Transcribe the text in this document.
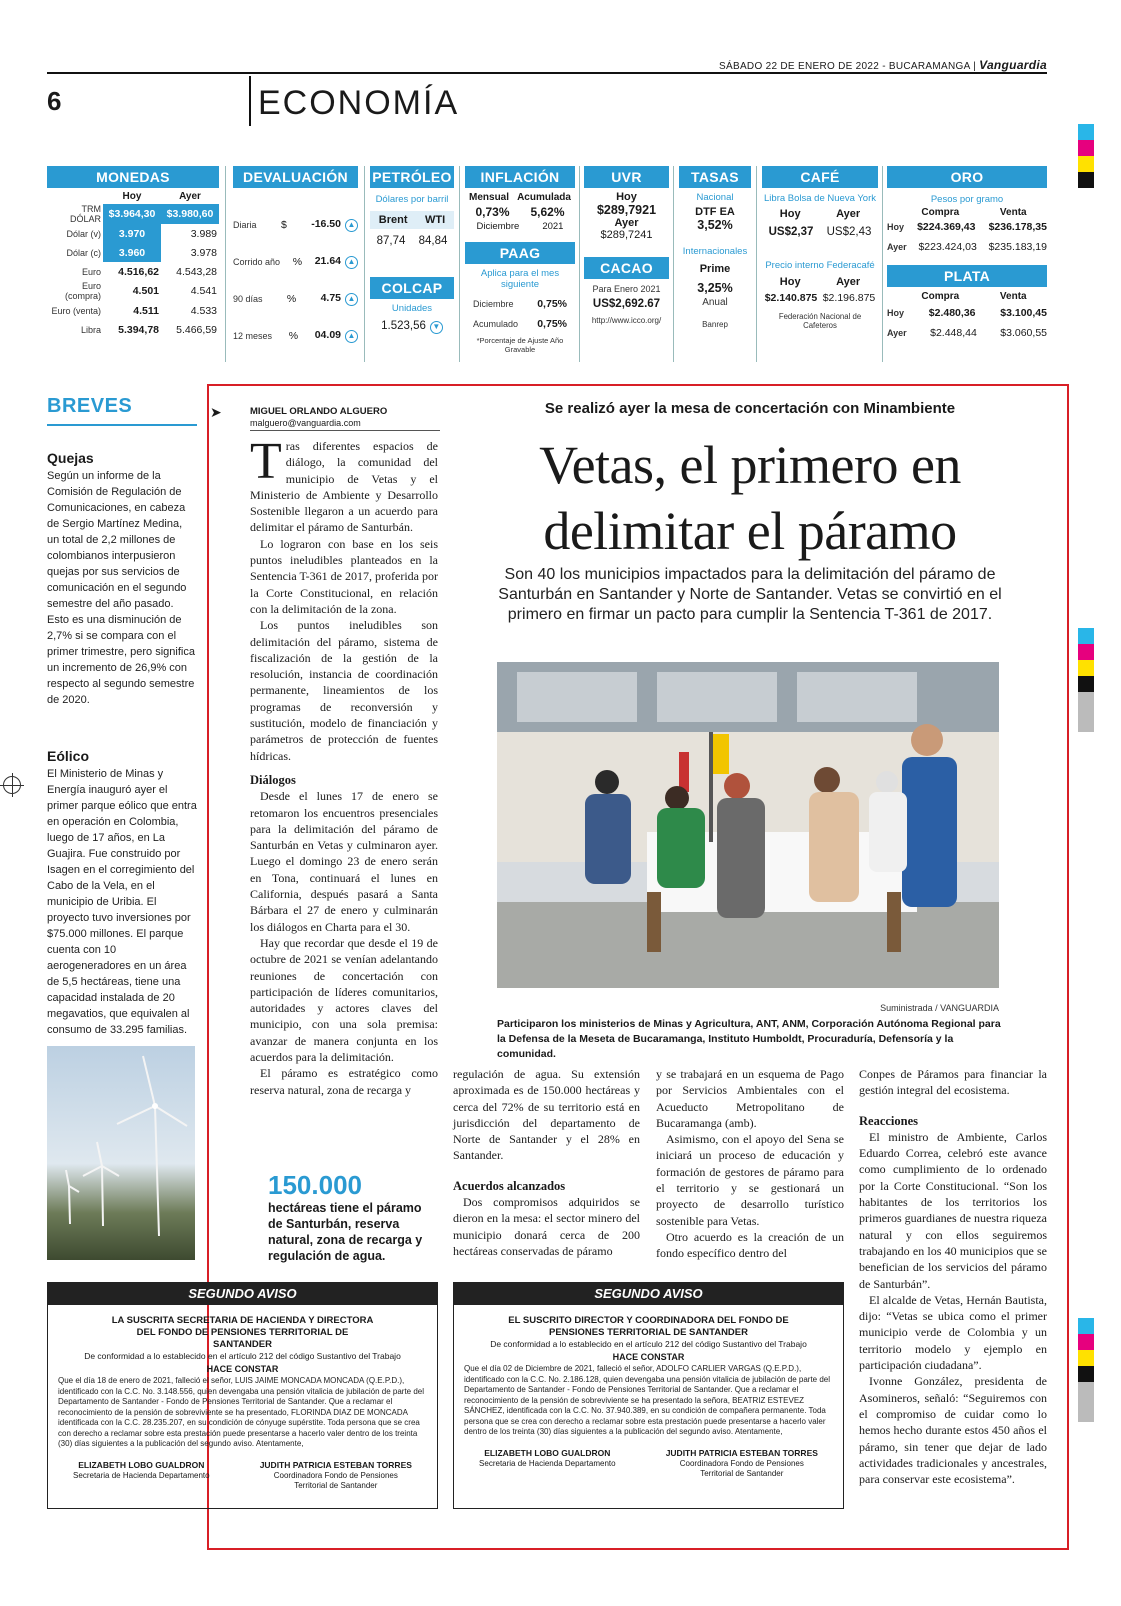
SÁBADO 22 DE ENERO DE 2022 - BUCARAMANGA | Vanguardia
6	ECONOMÍA
MONEDAS
	Hoy	Ayer
TRM DÓLAR	$3.964,30	$3.980,60
Dólar (v)	3.970	3.989
Dólar (c)	3.960	3.978
Euro	4.516,62	4.543,28
Euro (compra)	4.501	4.541
Euro (venta)	4.511	4.533
Libra	5.394,78	5.466,59
DEVALUACIÓN
Diaria $ -16.50 ▲
Corrido año % 21.64 ▲
90 días % 4.75 ▲
12 meses % 04.09 ▲
PETRÓLEO
Dólares por barril
Brent WTI
87,74 84,84
COLCAP
Unidades
1.523,56 ▼
INFLACIÓN
Mensual Acumulada
0,73% 5,62%
Diciembre 2021
PAAG
Aplica para el mes siguiente
Diciembre 0,75%
Acumulado 0,75%
*Porcentaje de Ajuste Año Gravable
UVR
Hoy
$289,7921
Ayer
$289,7241
CACAO
Para Enero 2021
US$2,692.67
http://www.icco.org/
TASAS
Nacional
DTF EA
3,52%
Internacionales
Prime
3,25%
Anual
Banrep
CAFÉ
Libra Bolsa de Nueva York
Hoy	Ayer
US$2,37 US$2,43
Precio interno Federacafé
Hoy	Ayer
$2.140.875 $2.196.875
Federación Nacional de Cafeteros
ORO
Pesos por gramo
Compra	Venta
Hoy $224.369,43 $236.178,35
Ayer $223.424,03 $235.183,19
PLATA
Compra	Venta
Hoy $2.480,36 $3.100,45
Ayer $2.448,44 $3.060,55
BREVES
Quejas
Según un informe de la Comisión de Regulación de Comunicaciones, en cabeza de Sergio Martínez Medina, un total de 2,2 millones de colombianos interpusieron quejas por sus servicios de comunicación en el segundo semestre del año pasado. Esto es una disminución de 2,7% si se compara con el primer trimestre, pero significa un incremento de 26,9% con respecto al segundo semestre de 2020.
Eólico
El Ministerio de Minas y Energía inauguró ayer el primer parque eólico que entra en operación en Colombia, luego de 17 años, en La Guajira. Fue construido por Isagen en el corregimiento del Cabo de la Vela, en el municipio de Uribia. El proyecto tuvo inversiones por $75.000 millones. El parque cuenta con 10 aerogeneradores en un área de 5,5 hectáreas, tiene una capacidad instalada de 20 megavatios, que equivalen al consumo de 33.295 familias.
➤	MIGUEL ORLANDO ALGUERO
malguero@vanguardia.com
Se realizó ayer la mesa de concertación con Minambiente
Vetas, el primero en
delimitar el páramo
Son 40 los municipios impactados para la delimitación del páramo de Santurbán en Santander y Norte de Santander. Vetas se convirtió en el primero en firmar un pacto para cumplir la Sentencia T-361 de 2017.

Tras diferentes espacios de diálogo, la comunidad del municipio de Vetas y el Ministerio de Ambiente y Desarrollo Sostenible llegaron a un acuerdo para delimitar el páramo de Santurbán.

Lo lograron con base en los seis puntos ineludibles planteados en la Sentencia T-361 de 2017, proferida por la Corte Constitucional, en relación con la delimitación de la zona.

Los puntos ineludibles son delimitación del páramo, sistema de fiscalización de la gestión de la resolución, instancia de coordinación permanente, lineamientos de los programas de reconversión y sustitución, modelo de financiación y parámetros de protección de fuentes hídricas.

Diálogos

Desde el lunes 17 de enero se retomaron los encuentros presenciales para la delimitación del páramo de Santurbán en Vetas y culminaron ayer. Luego el domingo 23 de enero serán en Tona, continuará el lunes en California, después pasará a Santa Bárbara el 27 de enero y culminarán los diálogos en Charta para el 30.

Hay que recordar que desde el 19 de octubre de 2021 se venían adelantando reuniones de concertación con participación de líderes comunitarios, autoridades y actores claves del municipio, con una sola premisa: avanzar de manera conjunta en los acuerdos para la delimitación.

El páramo es estratégico como reserva natural, zona de recarga y

Suministrada / VANGUARDIA
Participaron los ministerios de Minas y Agricultura, ANT, ANM, Corporación Autónoma Regional para la Defensa de la Meseta de Bucaramanga, Instituto Humboldt, Procuraduría, Defensoría y la comunidad.

regulación de agua. Su extensión aproximada es de 150.000 hectáreas y cerca del 72% de su territorio está en jurisdicción del departamento de Norte de Santander y el 28% en Santander.

Acuerdos alcanzados

Dos compromisos adquiridos se dieron en la mesa: el sector minero del municipio donará cerca de 200 hectáreas conservadas de páramo

y se trabajará en un esquema de Pago por Servicios Ambientales con el Acueducto Metropolitano de Bucaramanga (amb).

Asimismo, con el apoyo del Sena se iniciará un proceso de educación y formación de gestores de páramo para el territorio y se gestionará un proyecto de desarrollo turístico sostenible para Vetas.

Otro acuerdo es la creación de un fondo específico dentro del

Conpes de Páramos para financiar la gestión integral del ecosistema.

Reacciones

El ministro de Ambiente, Carlos Eduardo Correa, celebró este avance como cumplimiento de lo ordenado por la Corte Constitucional. “Son los habitantes de los territorios los primeros guardianes de nuestra riqueza natural y con ellos seguiremos trabajando en los 40 municipios que se benefician de los servicios del páramo de Santurbán”.

El alcalde de Vetas, Hernán Bautista, dijo: “Vetas se ubica como el primer municipio verde de Colombia y un territorio modelo y ejemplo en participación ciudadana”.

Ivonne González, presidenta de Asomineros, señaló: “Seguiremos con el compromiso de cuidar como lo hemos hecho durante estos 450 años el páramo, sin tener que dejar de lado actividades tradicionales y ancestrales, para conservar este ecosistema”.

150.000
hectáreas tiene el páramo de Santurbán, reserva natural, zona de recarga y regulación de agua.
SEGUNDO AVISO
LA SUSCRITA SECRETARIA DE HACIENDA Y DIRECTORA DEL FONDO DE PENSIONES TERRITORIAL DE SANTANDER
De conformidad a lo establecido en el artículo 212 del código Sustantivo del Trabajo
HACE CONSTAR
Que el día 18 de enero de 2021, falleció el señor, LUIS JAIME MONCADA MONCADA (Q.E.P.D.), identificado con la C.C. No. 3.148.556, quien devengaba una pensión vitalicia de jubilación de parte del Departamento de Santander - Fondo de Pensiones Territorial de Santander. Que a reclamar el reconocimiento de la pensión de sobreviviente se ha presentado, FLORINDA DIAZ DE MONCADA identificada con la C.C. 28.235.207, en su condición de cónyuge supérstite. Toda persona que se crea con derecho a reclamar sobre esta prestación puede presentarse a hacerlo valer dentro de los treinta (30) días siguientes a la publicación del segundo aviso. Atentamente,
ELIZABETH LOBO GUALDRON
Secretaria de Hacienda Departamento
JUDITH PATRICIA ESTEBAN TORRES
Coordinadora Fondo de Pensiones
Territorial de Santander
SEGUNDO AVISO
EL SUSCRITO DIRECTOR Y COORDINADORA DEL FONDO DE PENSIONES TERRITORIAL DE SANTANDER
De conformidad a lo establecido en el artículo 212 del código Sustantivo del Trabajo
HACE CONSTAR
Que el día 02 de Diciembre de 2021, falleció el señor, ADOLFO CARLIER VARGAS (Q.E.P.D.), identificado con la C.C. No. 2.186.128, quien devengaba una pensión vitalicia de jubilación de parte del Departamento de Santander - Fondo de Pensiones Territorial de Santander. Que a reclamar el reconocimiento de la pensión de sobreviviente se ha presentado la señora, BEATRIZ ESTEVEZ SÁNCHEZ, identificada con la C.C. No. 37.940.389, en su condición de compañera permanente. Toda persona que se crea con derecho a reclamar sobre esta prestación puede presentarse a hacerlo valer dentro de los treinta (30) días siguientes a la publicación del segundo aviso. Atentamente,
ELIZABETH LOBO GUALDRON
Secretaria de Hacienda Departamento
JUDITH PATRICIA ESTEBAN TORRES
Coordinadora Fondo de Pensiones
Territorial de Santander
